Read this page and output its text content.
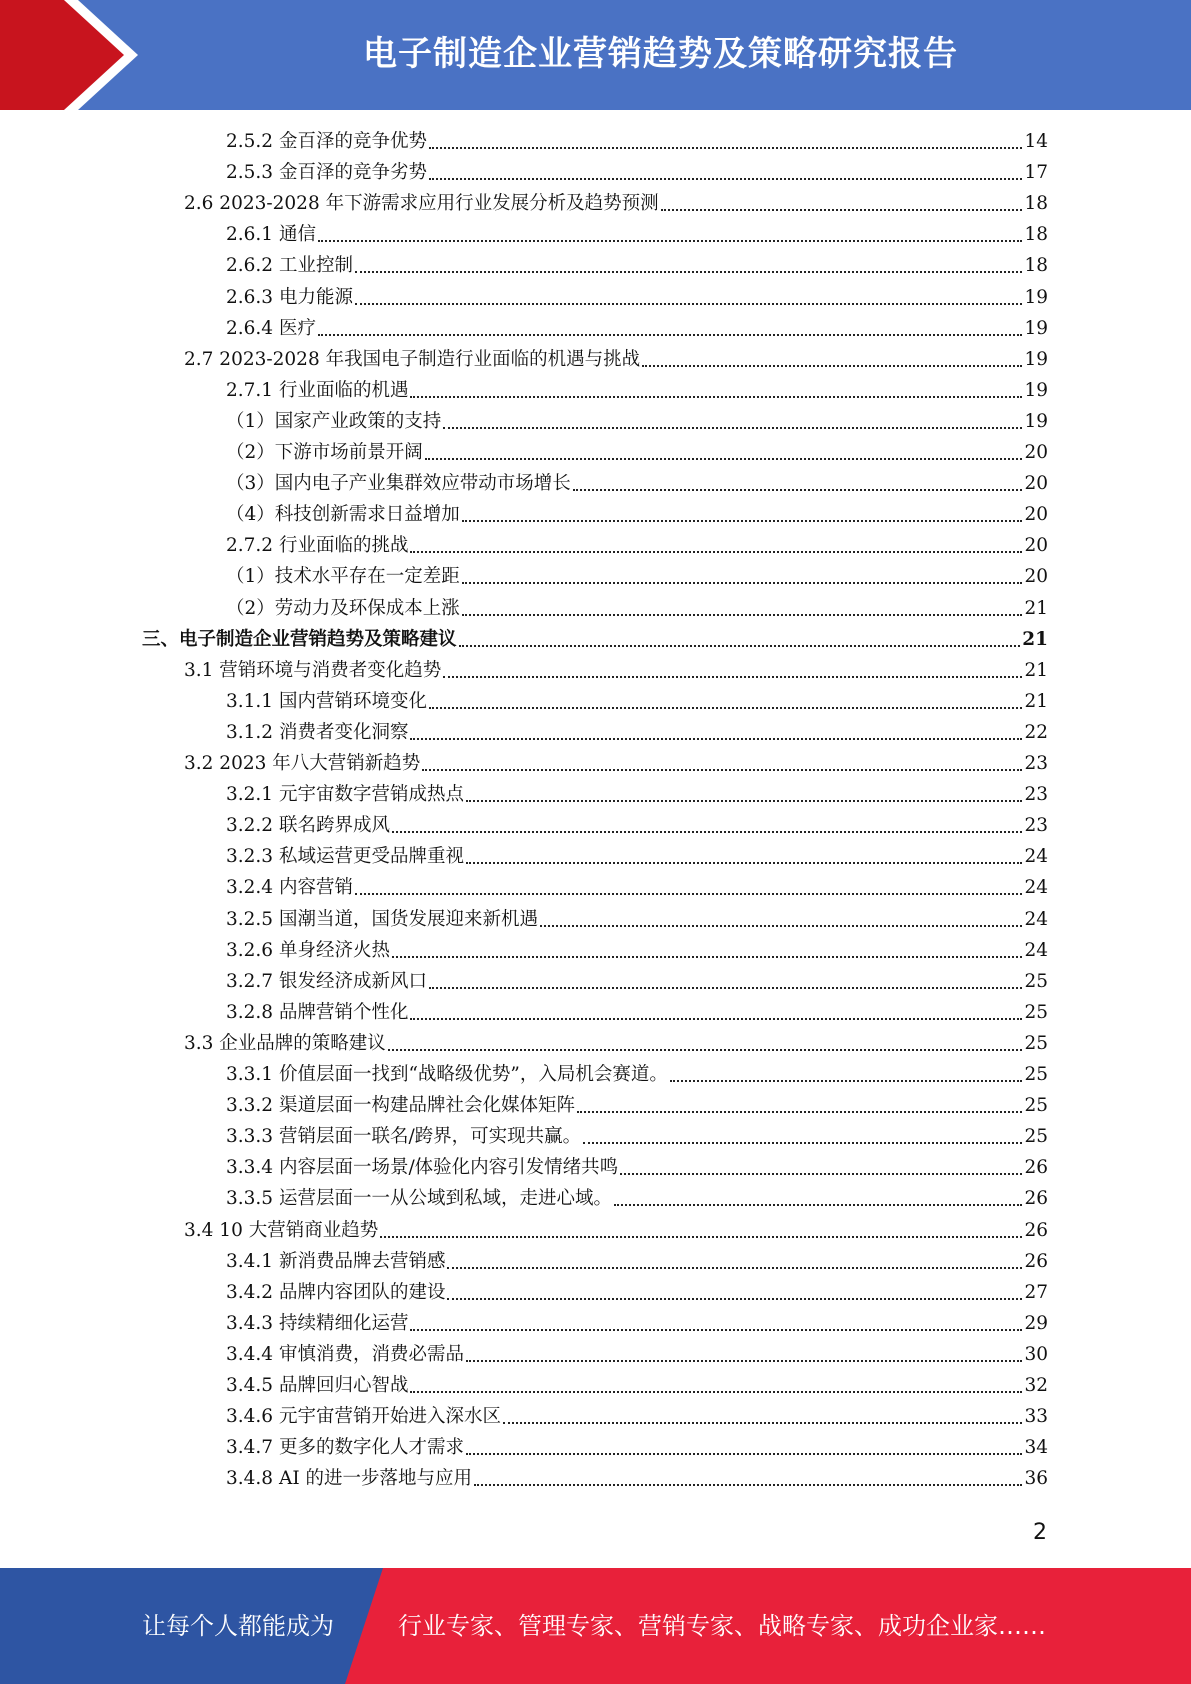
电子制造企业营销趋势及策略研究报告
2.5.2 金百泽的竞争优势	14
2.5.3 金百泽的竞争劣势	17
2.6 2023-2028 年下游需求应用行业发展分析及趋势预测	18
2.6.1 通信	18
2.6.2 工业控制	18
2.6.3 电力能源	19
2.6.4 医疗	19
2.7 2023-2028 年我国电子制造行业面临的机遇与挑战	19
2.7.1 行业面临的机遇	19
（1）国家产业政策的支持	19
（2）下游市场前景开阔	20
（3）国内电子产业集群效应带动市场增长	20
（4）科技创新需求日益增加	20
2.7.2 行业面临的挑战	20
（1）技术水平存在一定差距	20
（2）劳动力及环保成本上涨	21
三、电子制造企业营销趋势及策略建议	21
3.1 营销环境与消费者变化趋势	21
3.1.1 国内营销环境变化	21
3.1.2 消费者变化洞察	22
3.2 2023 年八大营销新趋势	23
3.2.1 元宇宙数字营销成热点	23
3.2.2 联名跨界成风	23
3.2.3 私域运营更受品牌重视	24
3.2.4 内容营销	24
3.2.5 国潮当道，国货发展迎来新机遇	24
3.2.6 单身经济火热	24
3.2.7 银发经济成新风口	25
3.2.8 品牌营销个性化	25
3.3 企业品牌的策略建议	25
3.3.1 价值层面一找到“战略级优势”，入局机会赛道。	25
3.3.2 渠道层面一构建品牌社会化媒体矩阵	25
3.3.3 营销层面一联名/跨界，可实现共赢。	25
3.3.4 内容层面一场景/体验化内容引发情绪共鸣	26
3.3.5 运营层面一一从公域到私域，走进心域。	26
3.4 10 大营销商业趋势	26
3.4.1 新消费品牌去营销感	26
3.4.2 品牌内容团队的建设	27
3.4.3 持续精细化运营	29
3.4.4 审慎消费，消费必需品	30
3.4.5 品牌回归心智战	32
3.4.6 元宇宙营销开始进入深水区	33
3.4.7 更多的数字化人才需求	34
3.4.8 AI 的进一步落地与应用	36
2
让每个人都能成为	行业专家、管理专家、营销专家、战略专家、成功企业家……
